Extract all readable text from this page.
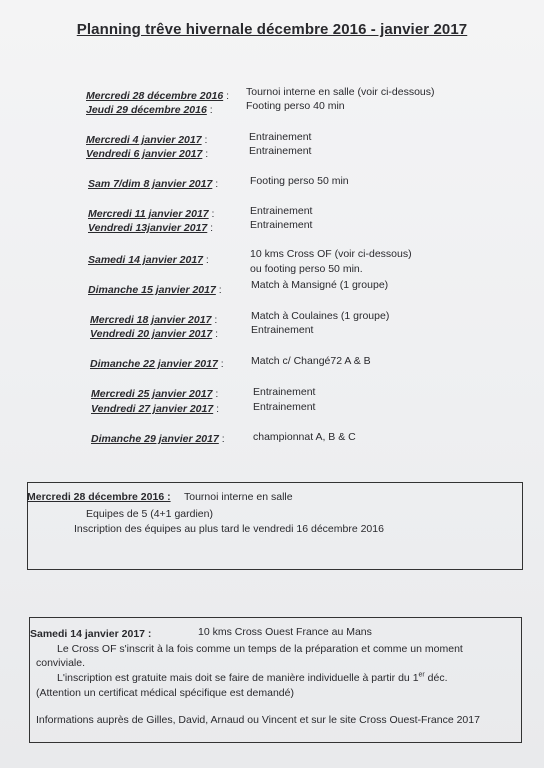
Planning trêve hivernale décembre 2016 - janvier 2017
Mercredi 28 décembre 2016 : Tournoi interne en salle (voir ci-dessous)
Jeudi 29 décembre 2016 :	Footing perso 40 min
Mercredi 4 janvier 2017 :	Entrainement
Vendredi 6 janvier 2017 :	Entrainement
Sam 7/dim 8 janvier 2017 :	Footing perso 50 min
Mercredi 11 janvier 2017 :	Entrainement
Vendredi 13janvier 2017 :	Entrainement
Samedi 14 janvier 2017 :	10 kms Cross OF (voir ci-dessous)
ou footing perso 50 min.
Dimanche 15 janvier 2017 :	Match à Mansigné (1 groupe)
Mercredi 18 janvier 2017 :	Match à Coulaines (1 groupe)
Vendredi 20 janvier 2017 :	Entrainement
Dimanche 22 janvier 2017 :	Match c/ Changé72 A & B
Mercredi 25 janvier 2017 :	Entrainement
Vendredi 27 janvier 2017 :	Entrainement
Dimanche 29 janvier 2017 :	championnat A, B & C
Mercredi 28 décembre 2016 : Tournoi interne en salle
Equipes de 5 (4+1 gardien)
Inscription des équipes au plus tard le vendredi 16 décembre 2016
Samedi 14 janvier 2017 :	10 kms Cross Ouest France au Mans
Le Cross OF s'inscrit à la fois comme un temps de la préparation et comme un moment
conviviale.
L'inscription est gratuite mais doit se faire de manière individuelle à partir du 1er déc.
(Attention un certificat médical spécifique est demandé)
Informations auprès de Gilles, David, Arnaud ou Vincent et sur le site Cross Ouest-France 2017
